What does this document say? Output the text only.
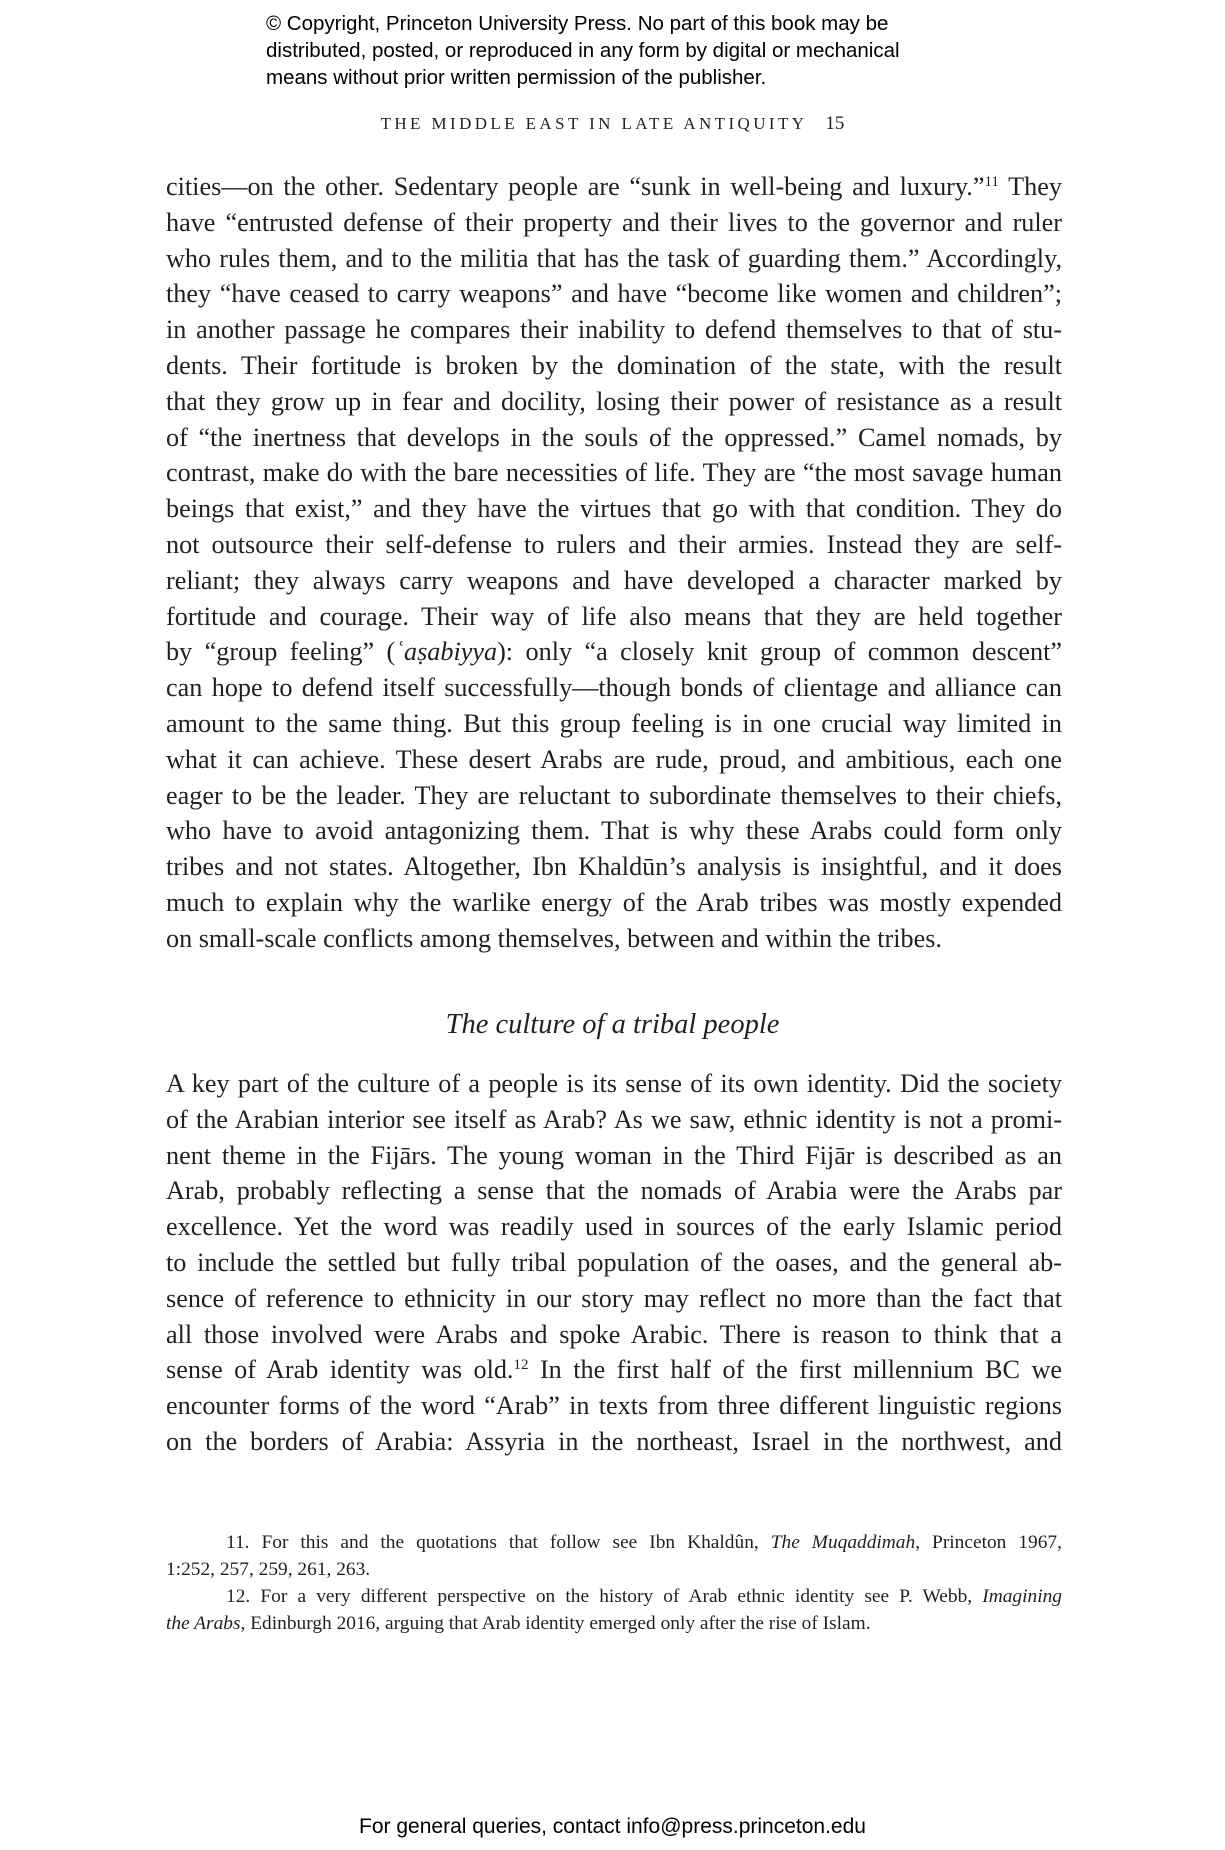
© Copyright, Princeton University Press. No part of this book may be
distributed, posted, or reproduced in any form by digital or mechanical
means without prior written permission of the publisher.
THE MIDDLE EAST IN LATE ANTIQUITY 15
cities—on the other. Sedentary people are “sunk in well-being and luxury.”$^{11}$ They
have “entrusted defense of their property and their lives to the governor and ruler
who rules them, and to the militia that has the task of guarding them.” Accordingly,
they “have ceased to carry weapons” and have “become like women and children”;
in another passage he compares their inability to defend themselves to that of stu-
dents. Their fortitude is broken by the domination of the state, with the result
that they grow up in fear and docility, losing their power of resistance as a result
of “the inertness that develops in the souls of the oppressed.” Camel nomads, by
contrast, make do with the bare necessities of life. They are “the most savage human
beings that exist,” and they have the virtues that go with that condition. They do
not outsource their self-defense to rulers and their armies. Instead they are self-
reliant; they always carry weapons and have developed a character marked by
fortitude and courage. Their way of life also means that they are held together
by “group feeling” (ʿaṣabiyya): only “a closely knit group of common descent”
can hope to defend itself successfully—though bonds of clientage and alliance can
amount to the same thing. But this group feeling is in one crucial way limited in
what it can achieve. These desert Arabs are rude, proud, and ambitious, each one
eager to be the leader. They are reluctant to subordinate themselves to their chiefs,
who have to avoid antagonizing them. That is why these Arabs could form only
tribes and not states. Altogether, Ibn Khaldūn’s analysis is insightful, and it does
much to explain why the warlike energy of the Arab tribes was mostly expended
on small-scale conflicts among themselves, between and within the tribes.
The culture of a tribal people
A key part of the culture of a people is its sense of its own identity. Did the society
of the Arabian interior see itself as Arab? As we saw, ethnic identity is not a promi-
nent theme in the Fijārs. The young woman in the Third Fijār is described as an
Arab, probably reflecting a sense that the nomads of Arabia were the Arabs par
excellence. Yet the word was readily used in sources of the early Islamic period
to include the settled but fully tribal population of the oases, and the general ab-
sence of reference to ethnicity in our story may reflect no more than the fact that
all those involved were Arabs and spoke Arabic. There is reason to think that a
sense of Arab identity was old.$^{12}$ In the first half of the first millennium BC we
encounter forms of the word “Arab” in texts from three different linguistic regions
on the borders of Arabia: Assyria in the northeast, Israel in the northwest, and
11. For this and the quotations that follow see Ibn Khaldûn, The Muqaddimah, Princeton 1967,
1:252, 257, 259, 261, 263.
12. For a very different perspective on the history of Arab ethnic identity see P. Webb, Imagining
the Arabs, Edinburgh 2016, arguing that Arab identity emerged only after the rise of Islam.
For general queries, contact info@press.princeton.edu
